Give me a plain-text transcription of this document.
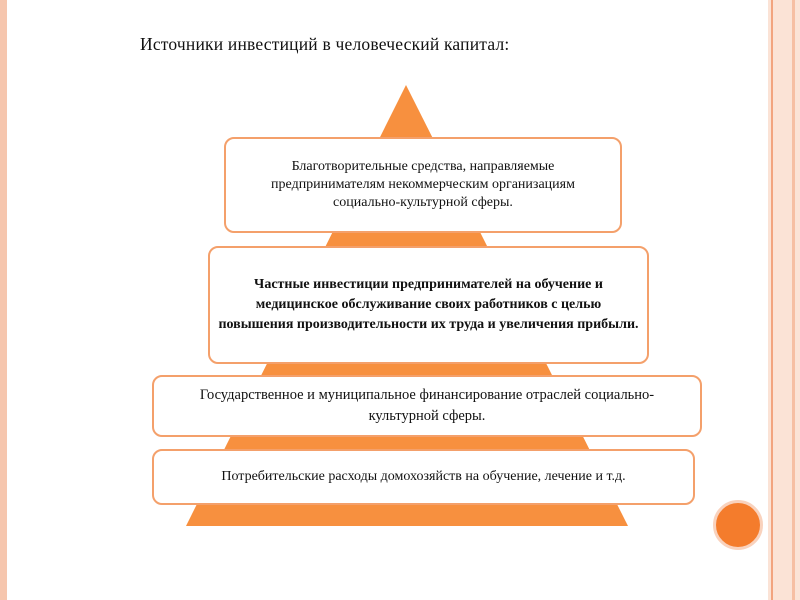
Источники инвестиций в человеческий капитал:
Благотворительные средства, направляемые предпринимателям некоммерческим организациям социально-культурной сферы.
Частные инвестиции предпринимателей на обучение и медицинское обслуживание своих работников с целью повышения производительности их труда и увеличения прибыли.
Государственное и муниципальное финансирование отраслей социально-культурной сферы.
Потребительские расходы домохозяйств на обучение, лечение и т.д.
